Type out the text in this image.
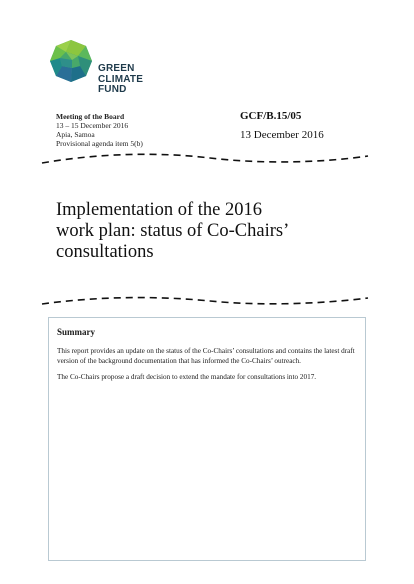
GREEN
CLIMATE
FUND
Meeting of the Board
13 – 15 December 2016
Apia, Samoa
Provisional agenda item 5(b)
GCF/B.15/05
13 December 2016
Implementation of the 2016
work plan: status of Co-Chairs’
consultations
Summary

This report provides an update on the status of the Co-Chairs’ consultations and contains the latest draft version of the background documentation that has informed the Co-Chairs’ outreach.

The Co-Chairs propose a draft decision to extend the mandate for consultations into 2017.
